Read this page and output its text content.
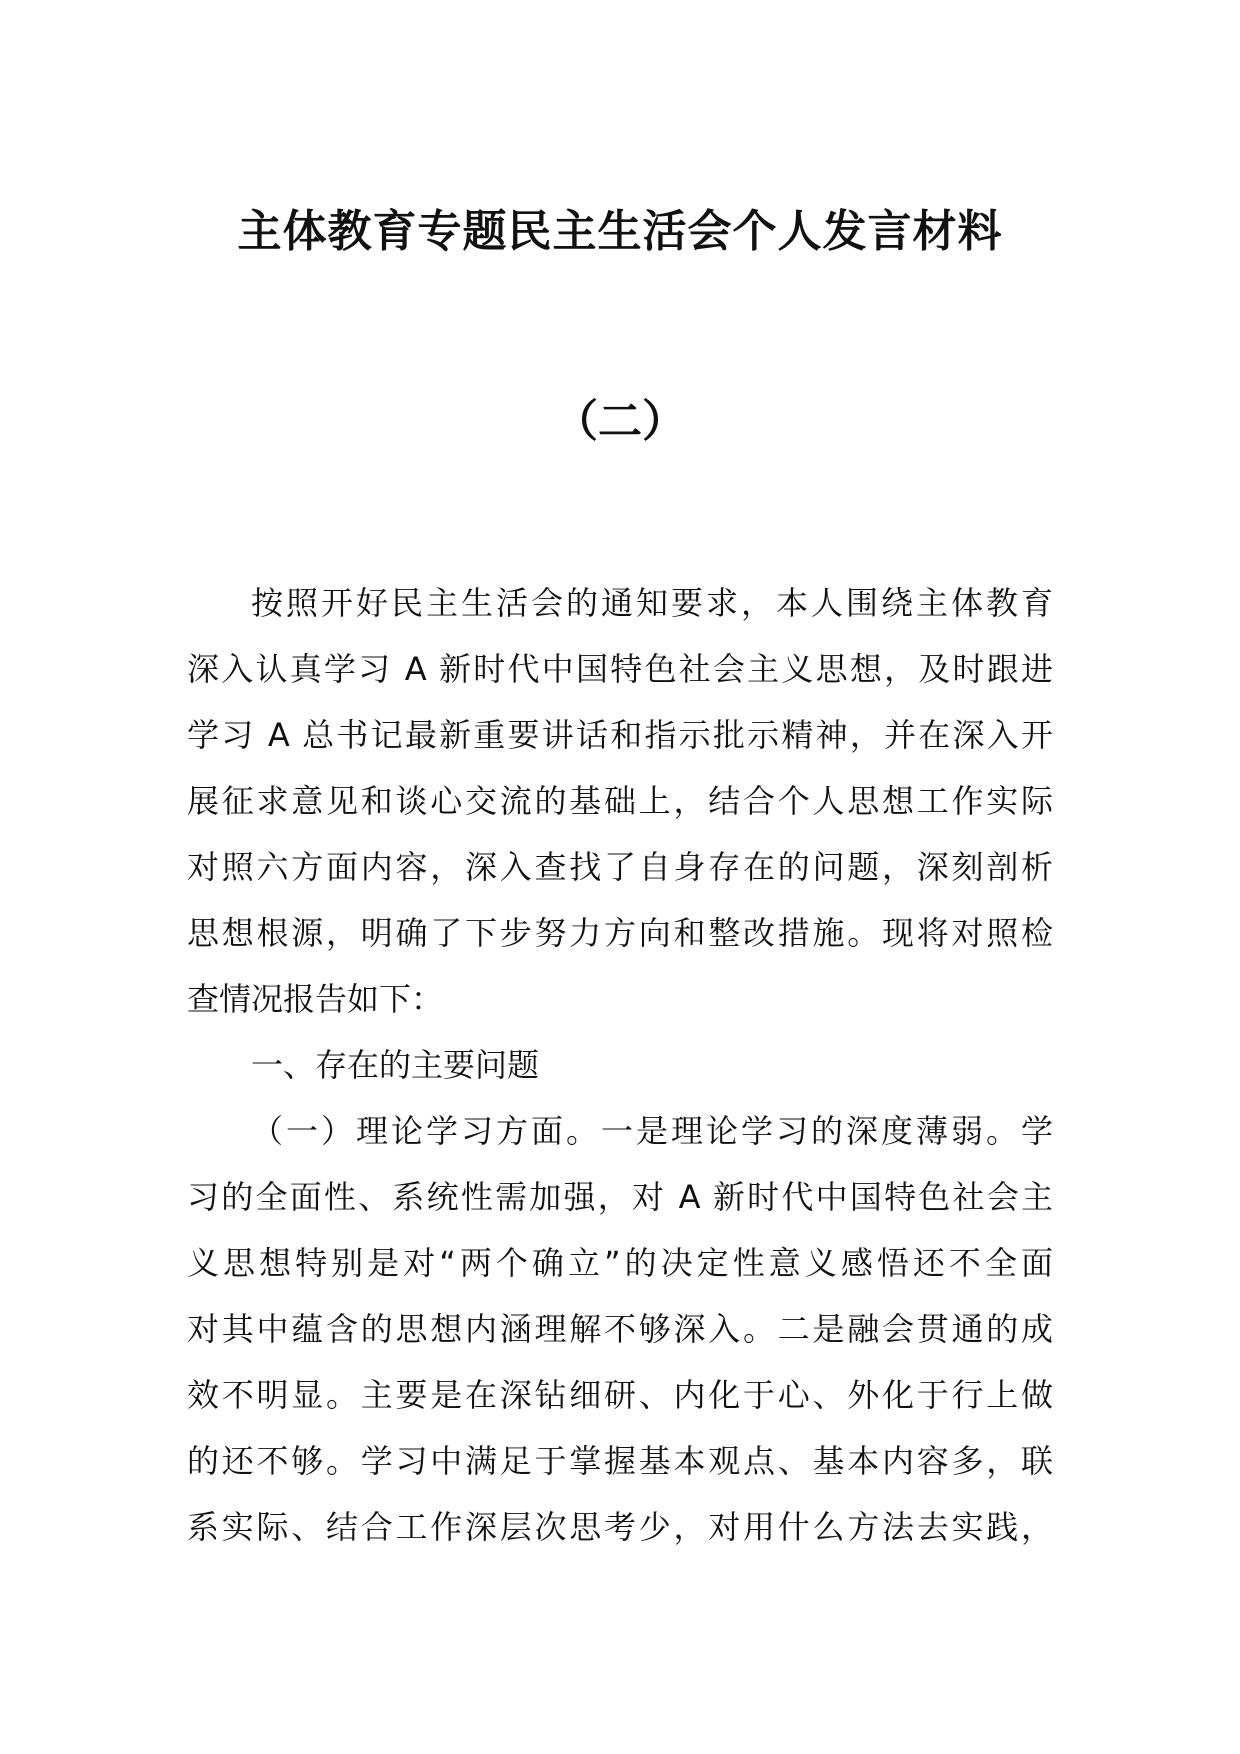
主体教育专题民主生活会个人发言材料
（二）
按照开好民主生活会的通知要求，本人围绕主体教育
深入认真学习 A 新时代中国特色社会主义思想，及时跟进
学习 A 总书记最新重要讲话和指示批示精神，并在深入开
展征求意见和谈心交流的基础上，结合个人思想工作实际
对照六方面内容，深入查找了自身存在的问题，深刻剖析
思想根源，明确了下步努力方向和整改措施。现将对照检
查情况报告如下：
一、存在的主要问题
（一）理论学习方面。一是理论学习的深度薄弱。学
习的全面性、系统性需加强，对 A 新时代中国特色社会主
义思想特别是对“两个确立”的决定性意义感悟还不全面
对其中蕴含的思想内涵理解不够深入。二是融会贯通的成
效不明显。主要是在深钻细研、内化于心、外化于行上做
的还不够。学习中满足于掌握基本观点、基本内容多，联
系实际、结合工作深层次思考少，对用什么方法去实践，
